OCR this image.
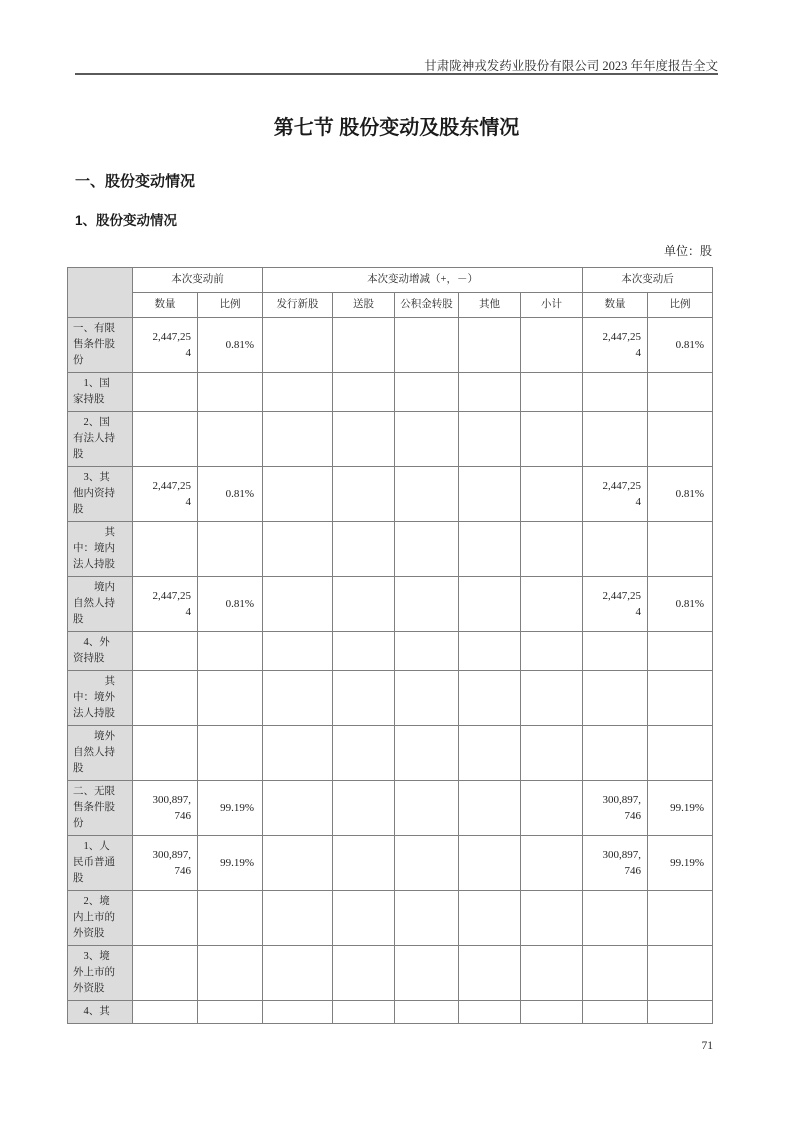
甘肃陇神戎发药业股份有限公司 2023 年年度报告全文
第七节 股份变动及股东情况
一、股份变动情况
1、股份变动情况
单位：股
	本次变动前		本次变动增减（+，－）					本次变动后	
	数量	比例	发行新股	送股	公积金转股	其他	小计	数量	比例
一、有限售条件股份	2,447,254	0.81%						2,447,254	0.81%
　1、国家持股									
　2、国有法人持股									
　3、其他内资持股	2,447,254	0.81%						2,447,254	0.81%
　　　其中：境内法人持股									
　　境内自然人持股	2,447,254	0.81%						2,447,254	0.81%
　4、外资持股									
　　　其中：境外法人持股									
　　境外自然人持股									
二、无限售条件股份	300,897,746	99.19%						300,897,746	99.19%
　1、人民币普通股	300,897,746	99.19%						300,897,746	99.19%
　2、境内上市的外资股									
　3、境外上市的外资股									
　4、其									
71
